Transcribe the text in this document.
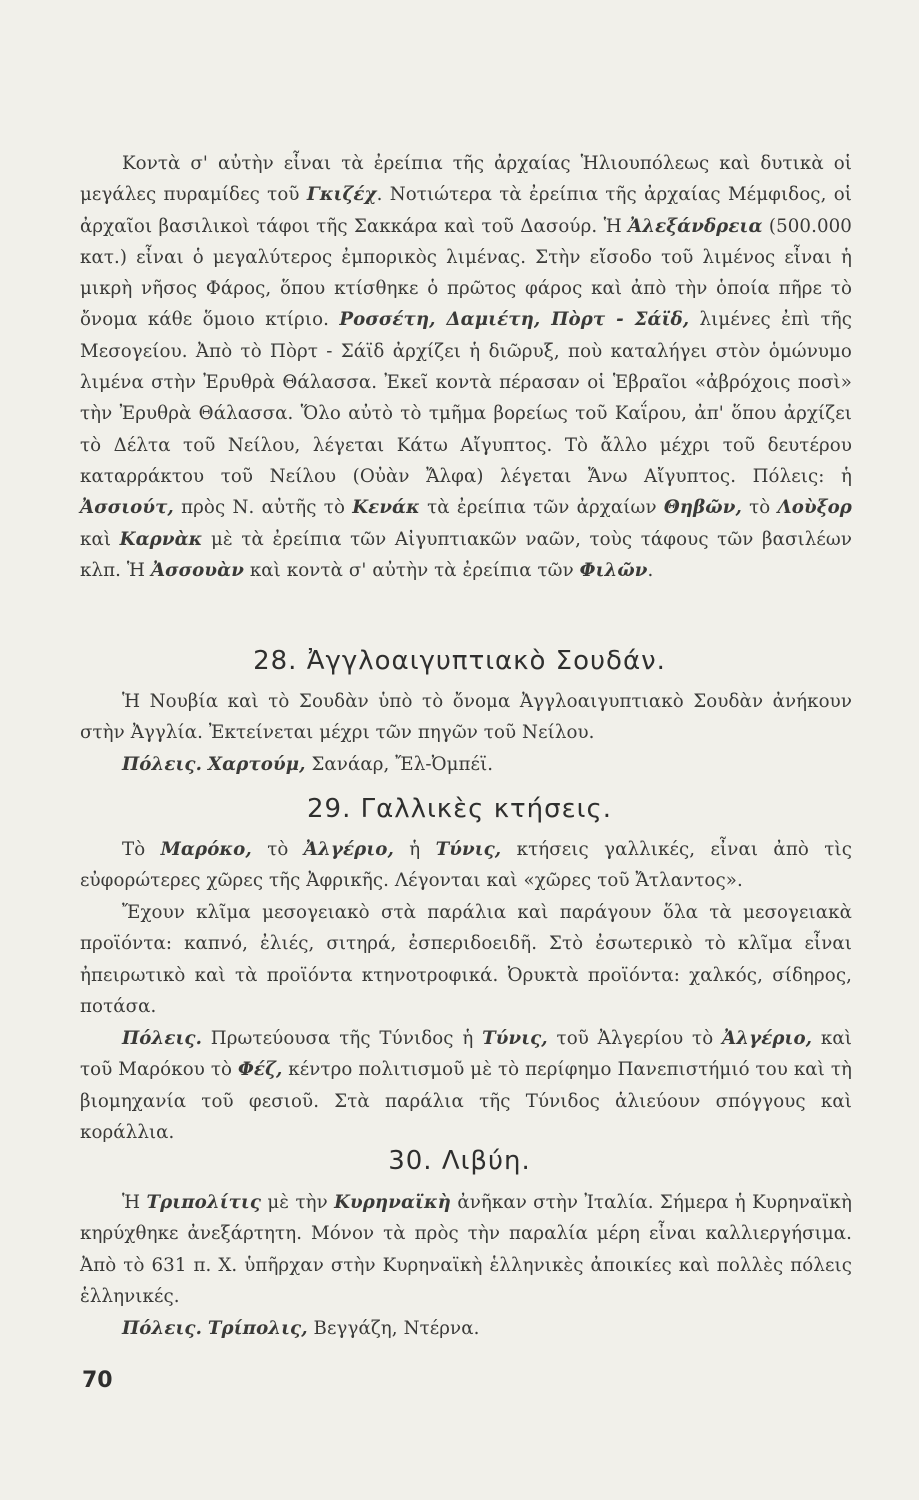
Κοντὰ σ' αὐτὴν εἶναι τὰ ἐρείπια τῆς ἀρχαίας Ἡλιουπόλεως καὶ δυτικὰ οἱ μεγάλες πυραμίδες τοῦ Γκιζέχ. Νοτιώτερα τὰ ἐρείπια τῆς ἀρχαίας Μέμφιδος, οἱ ἀρχαῖοι βασιλικοὶ τάφοι τῆς Σακκάρα καὶ τοῦ Δασούρ. Ἡ Ἀλεξάνδρεια (500.000 κατ.) εἶναι ὁ μεγαλύτερος ἐμπορικὸς λιμένας. Στὴν εἴσοδο τοῦ λιμένος εἶναι ἡ μικρὴ νῆσος Φάρος, ὅπου κτίσθηκε ὁ πρῶτος φάρος καὶ ἀπὸ τὴν ὁποία πῆρε τὸ ὄνομα κάθε ὅμοιο κτίριο. Ροσσέτη, Δαμιέτη, Πὸρτ - Σάϊδ, λιμένες ἐπὶ τῆς Μεσογείου. Ἀπὸ τὸ Πὸρτ - Σάϊδ ἀρχίζει ἡ διῶρυξ, ποὺ καταλήγει στὸν ὁμώνυμο λιμένα στὴν Ἐρυθρὰ Θάλασσα. Ἐκεῖ κοντὰ πέρασαν οἱ Ἑβραῖοι «ἀβρόχοις ποσὶ» τὴν Ἐρυθρὰ Θάλασσα. Ὅλο αὐτὸ τὸ τμῆμα βορείως τοῦ Καΐρου, ἀπ' ὅπου ἀρχίζει τὸ Δέλτα τοῦ Νείλου, λέγεται Κάτω Αἴγυπτος. Τὸ ἄλλο μέχρι τοῦ δευτέρου καταρράκτου τοῦ Νείλου (Οὐὰν Ἄλφα) λέγεται Ἄνω Αἴγυπτος. Πόλεις: ἡ Ἀσσιούτ, πρὸς Ν. αὐτῆς τὸ Κενάκ τὰ ἐρείπια τῶν ἀρχαίων Θηβῶν, τὸ Λοὺξορ καὶ Καρνὰκ μὲ τὰ ἐρείπια τῶν Αἰγυπτιακῶν ναῶν, τοὺς τάφους τῶν βασιλέων κλπ. Ἡ Ἀσσουὰν καὶ κοντὰ σ' αὐτὴν τὰ ἐρείπια τῶν Φιλῶν.
28. Ἀγγλοαιγυπτιακὸ Σουδάν.
Ἡ Νουβία καὶ τὸ Σουδὰν ὑπὸ τὸ ὄνομα Ἀγγλοαιγυπτιακὸ Σουδὰν ἀνήκουν στὴν Ἀγγλία. Ἐκτείνεται μέχρι τῶν πηγῶν τοῦ Νείλου.
Πόλεις. Χαρτούμ, Σανάαρ, Ἔλ-Ὀμπέϊ.
29. Γαλλικὲς κτήσεις.
Τὸ Μαρόκο, τὸ Ἀλγέριο, ἡ Τύνις, κτήσεις γαλλικές, εἶναι ἀπὸ τὶς εὐφορώτερες χῶρες τῆς Ἀφρικῆς. Λέγονται καὶ «χῶρες τοῦ Ἄτλαντος».
Ἔχουν κλῖμα μεσογειακὸ στὰ παράλια καὶ παράγουν ὅλα τὰ μεσογειακὰ προϊόντα: καπνό, ἐλιές, σιτηρά, ἐσπεριδοειδῆ. Στὸ ἐσωτερικὸ τὸ κλῖμα εἶναι ἠπειρωτικὸ καὶ τὰ προϊόντα κτηνοτροφικά. Ὀρυκτὰ προϊόντα: χαλκός, σίδηρος, ποτάσα.
Πόλεις. Πρωτεύουσα τῆς Τύνιδος ἡ Τύνις, τοῦ Ἀλγερίου τὸ Ἀλγέριο, καὶ τοῦ Μαρόκου τὸ Φέζ, κέντρο πολιτισμοῦ μὲ τὸ περίφημο Πανεπιστήμιό του καὶ τὴ βιομηχανία τοῦ φεσιοῦ. Στὰ παράλια τῆς Τύνιδος ἁλιεύουν σπόγγους καὶ κοράλλια.
30. Λιβύη.
Ἡ Τριπολίτις μὲ τὴν Κυρηναϊκὴ ἀνῆκαν στὴν Ἰταλία. Σήμερα ἡ Κυρηναϊκὴ κηρύχθηκε ἀνεξάρτητη. Μόνον τὰ πρὸς τὴν παραλία μέρη εἶναι καλλιεργήσιμα. Ἀπὸ τὸ 631 π. Χ. ὑπῆρχαν στὴν Κυρηναϊκὴ ἑλληνικὲς ἀποικίες καὶ πολλὲς πόλεις ἑλληνικές.
Πόλεις. Τρίπολις, Βεγγάζη, Ντέρνα.
70
